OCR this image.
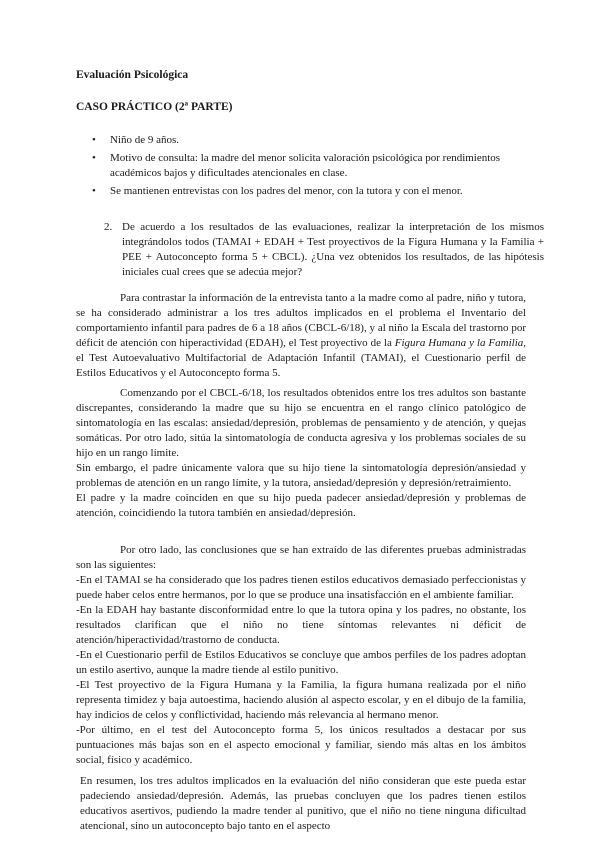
Evaluación Psicológica
CASO PRÁCTICO (2ª PARTE)
• Niño de 9 años.
• Motivo de consulta: la madre del menor solicita valoración psicológica por rendimientos académicos bajos y dificultades atencionales en clase.
• Se mantienen entrevistas con los padres del menor, con la tutora y con el menor.
2. De acuerdo a los resultados de las evaluaciones, realizar la interpretación de los mismos integrándolos todos (TAMAI + EDAH + Test proyectivos de la Figura Humana y la Familia + PEE + Autoconcepto forma 5 + CBCL). ¿Una vez obtenidos los resultados, de las hipótesis iniciales cual crees que se adecúa mejor?

Para contrastar la información de la entrevista tanto a la madre como al padre, niño y tutora, se ha considerado administrar a los tres adultos implicados en el problema el Inventario del comportamiento infantil para padres de 6 a 18 años (CBCL-6/18), y al niño la Escala del trastorno por déficit de atención con hiperactividad (EDAH), el Test proyectivo de la Figura Humana y la Familia, el Test Autoevaluativo Multifactorial de Adaptación Infantil (TAMAI), el Cuestionario perfil de Estilos Educativos y el Autoconcepto forma 5.

Comenzando por el CBCL-6/18, los resultados obtenidos entre los tres adultos son bastante discrepantes, considerando la madre que su hijo se encuentra en el rango clínico patológico de sintomatología en las escalas: ansiedad/depresión, problemas de pensamiento y de atención, y quejas somáticas. Por otro lado, sitúa la sintomatología de conducta agresiva y los problemas sociales de su hijo en un rango límite.

Sin embargo, el padre únicamente valora que su hijo tiene la sintomatología depresión/ansiedad y problemas de atención en un rango límite, y la tutora, ansiedad/depresión y depresión/retraimiento.

El padre y la madre coinciden en que su hijo pueda padecer ansiedad/depresión y problemas de atención, coincidiendo la tutora también en ansiedad/depresión.

Por otro lado, las conclusiones que se han extraído de las diferentes pruebas administradas son las siguientes:

-En el TAMAI se ha considerado que los padres tienen estilos educativos demasiado perfeccionistas y puede haber celos entre hermanos, por lo que se produce una insatisfacción en el ambiente familiar.

-En la EDAH hay bastante disconformidad entre lo que la tutora opina y los padres, no obstante, los resultados clarifican que el niño no tiene síntomas relevantes ni déficit de atención/hiperactividad/trastorno de conducta.

-En el Cuestionario perfil de Estilos Educativos se concluye que ambos perfiles de los padres adoptan un estilo asertivo, aunque la madre tiende al estilo punitivo.

-El Test proyectivo de la Figura Humana y la Familia, la figura humana realizada por el niño representa timidez y baja autoestima, haciendo alusión al aspecto escolar, y en el dibujo de la familia, hay indicios de celos y conflictividad, haciendo más relevancia al hermano menor.

-Por último, en el test del Autoconcepto forma 5, los únicos resultados a destacar por sus puntuaciones más bajas son en el aspecto emocional y familiar, siendo más altas en los ámbitos social, físico y académico.

En resumen, los tres adultos implicados en la evaluación del niño consideran que este pueda estar padeciendo ansiedad/depresión. Además, las pruebas concluyen que los padres tienen estilos educativos asertivos, pudiendo la madre tender al punitivo, que el niño no tiene ninguna dificultad atencional, sino un autoconcepto bajo tanto en el aspecto
